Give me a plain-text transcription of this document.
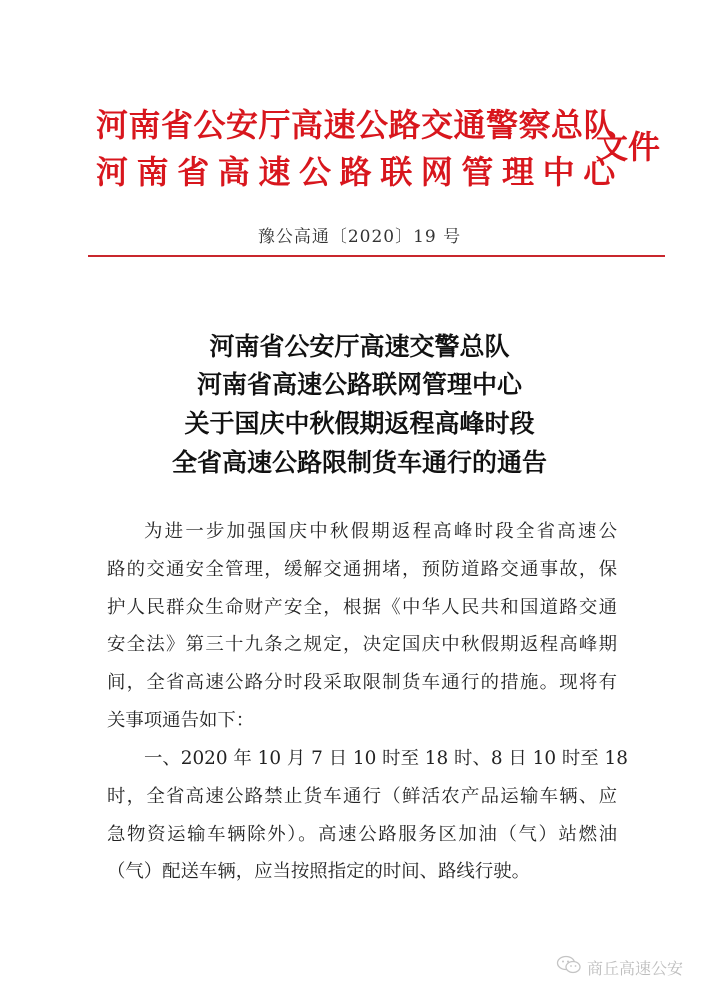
河南省公安厅高速公路交通警察总队
河南省高速公路联网管理中心
文件
豫公高通〔2020〕19 号
河南省公安厅高速交警总队
河南省高速公路联网管理中心
关于国庆中秋假期返程高峰时段
全省高速公路限制货车通行的通告
为进一步加强国庆中秋假期返程高峰时段全省高速公
路的交通安全管理，缓解交通拥堵，预防道路交通事故，保
护人民群众生命财产安全，根据《中华人民共和国道路交通
安全法》第三十九条之规定，决定国庆中秋假期返程高峰期
间，全省高速公路分时段采取限制货车通行的措施。现将有
关事项通告如下：
一、2020 年 10 月 7 日 10 时至 18 时、8 日 10 时至 18
时，全省高速公路禁止货车通行（鲜活农产品运输车辆、应
急物资运输车辆除外）。高速公路服务区加油（气）站燃油
（气）配送车辆，应当按照指定的时间、路线行驶。
商丘高速公安
